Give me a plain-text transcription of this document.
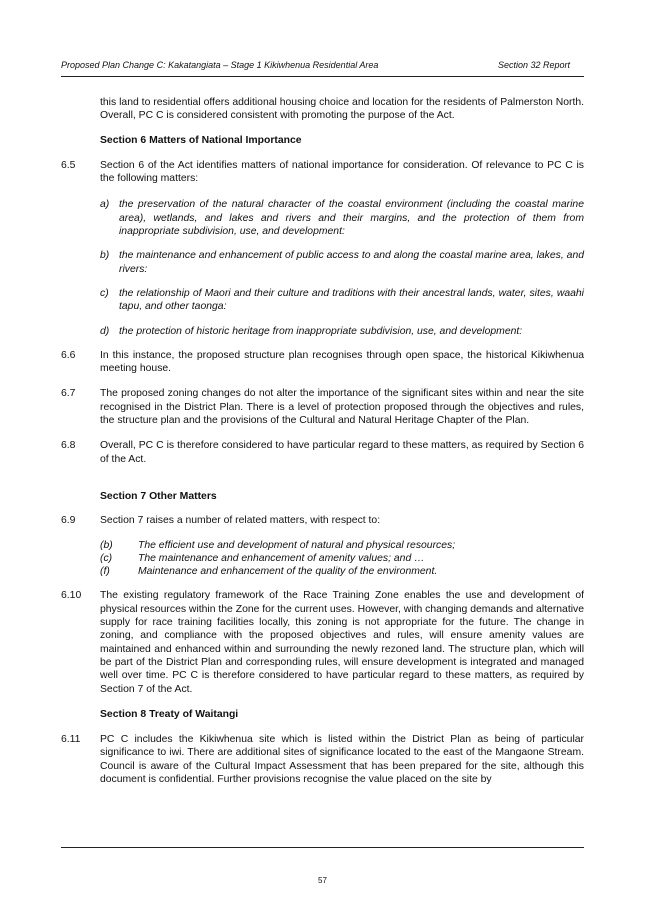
Proposed Plan Change C: Kakatangiata – Stage 1 Kikiwhenua Residential Area	Section 32 Report

this land to residential offers additional housing choice and location for the residents of Palmerston North. Overall, PC C is considered consistent with promoting the purpose of the Act.

Section 6 Matters of National Importance

6.5 Section 6 of the Act identifies matters of national importance for consideration. Of relevance to PC C is the following matters:
a) the preservation of the natural character of the coastal environment (including the coastal marine area), wetlands, and lakes and rivers and their margins, and the protection of them from inappropriate subdivision, use, and development:
b) the maintenance and enhancement of public access to and along the coastal marine area, lakes, and rivers:
c) the relationship of Maori and their culture and traditions with their ancestral lands, water, sites, waahi tapu, and other taonga:
d) the protection of historic heritage from inappropriate subdivision, use, and development:
6.6 In this instance, the proposed structure plan recognises through open space, the historical Kikiwhenua meeting house.
6.7 The proposed zoning changes do not alter the importance of the significant sites within and near the site recognised in the District Plan. There is a level of protection proposed through the objectives and rules, the structure plan and the provisions of the Cultural and Natural Heritage Chapter of the Plan.
6.8 Overall, PC C is therefore considered to have particular regard to these matters, as required by Section 6 of the Act.

Section 7 Other Matters

6.9 Section 7 raises a number of related matters, with respect to:
(b) The efficient use and development of natural and physical resources;
(c) The maintenance and enhancement of amenity values; and …
(f)	Maintenance and enhancement of the quality of the environment.
6.10 The existing regulatory framework of the Race Training Zone enables the use and development of physical resources within the Zone for the current uses. However, with changing demands and alternative supply for race training facilities locally, this zoning is not appropriate for the future. The change in zoning, and compliance with the proposed objectives and rules, will ensure amenity values are maintained and enhanced within and surrounding the newly rezoned land. The structure plan, which will be part of the District Plan and corresponding rules, will ensure development is integrated and managed well over time. PC C is therefore considered to have particular regard to these matters, as required by Section 7 of the Act.

Section 8 Treaty of Waitangi

6.11 PC C includes the Kikiwhenua site which is listed within the District Plan as being of particular significance to iwi. There are additional sites of significance located to the east of the Mangaone Stream. Council is aware of the Cultural Impact Assessment that has been prepared for the site, although this document is confidential. Further provisions recognise the value placed on the site by
57
